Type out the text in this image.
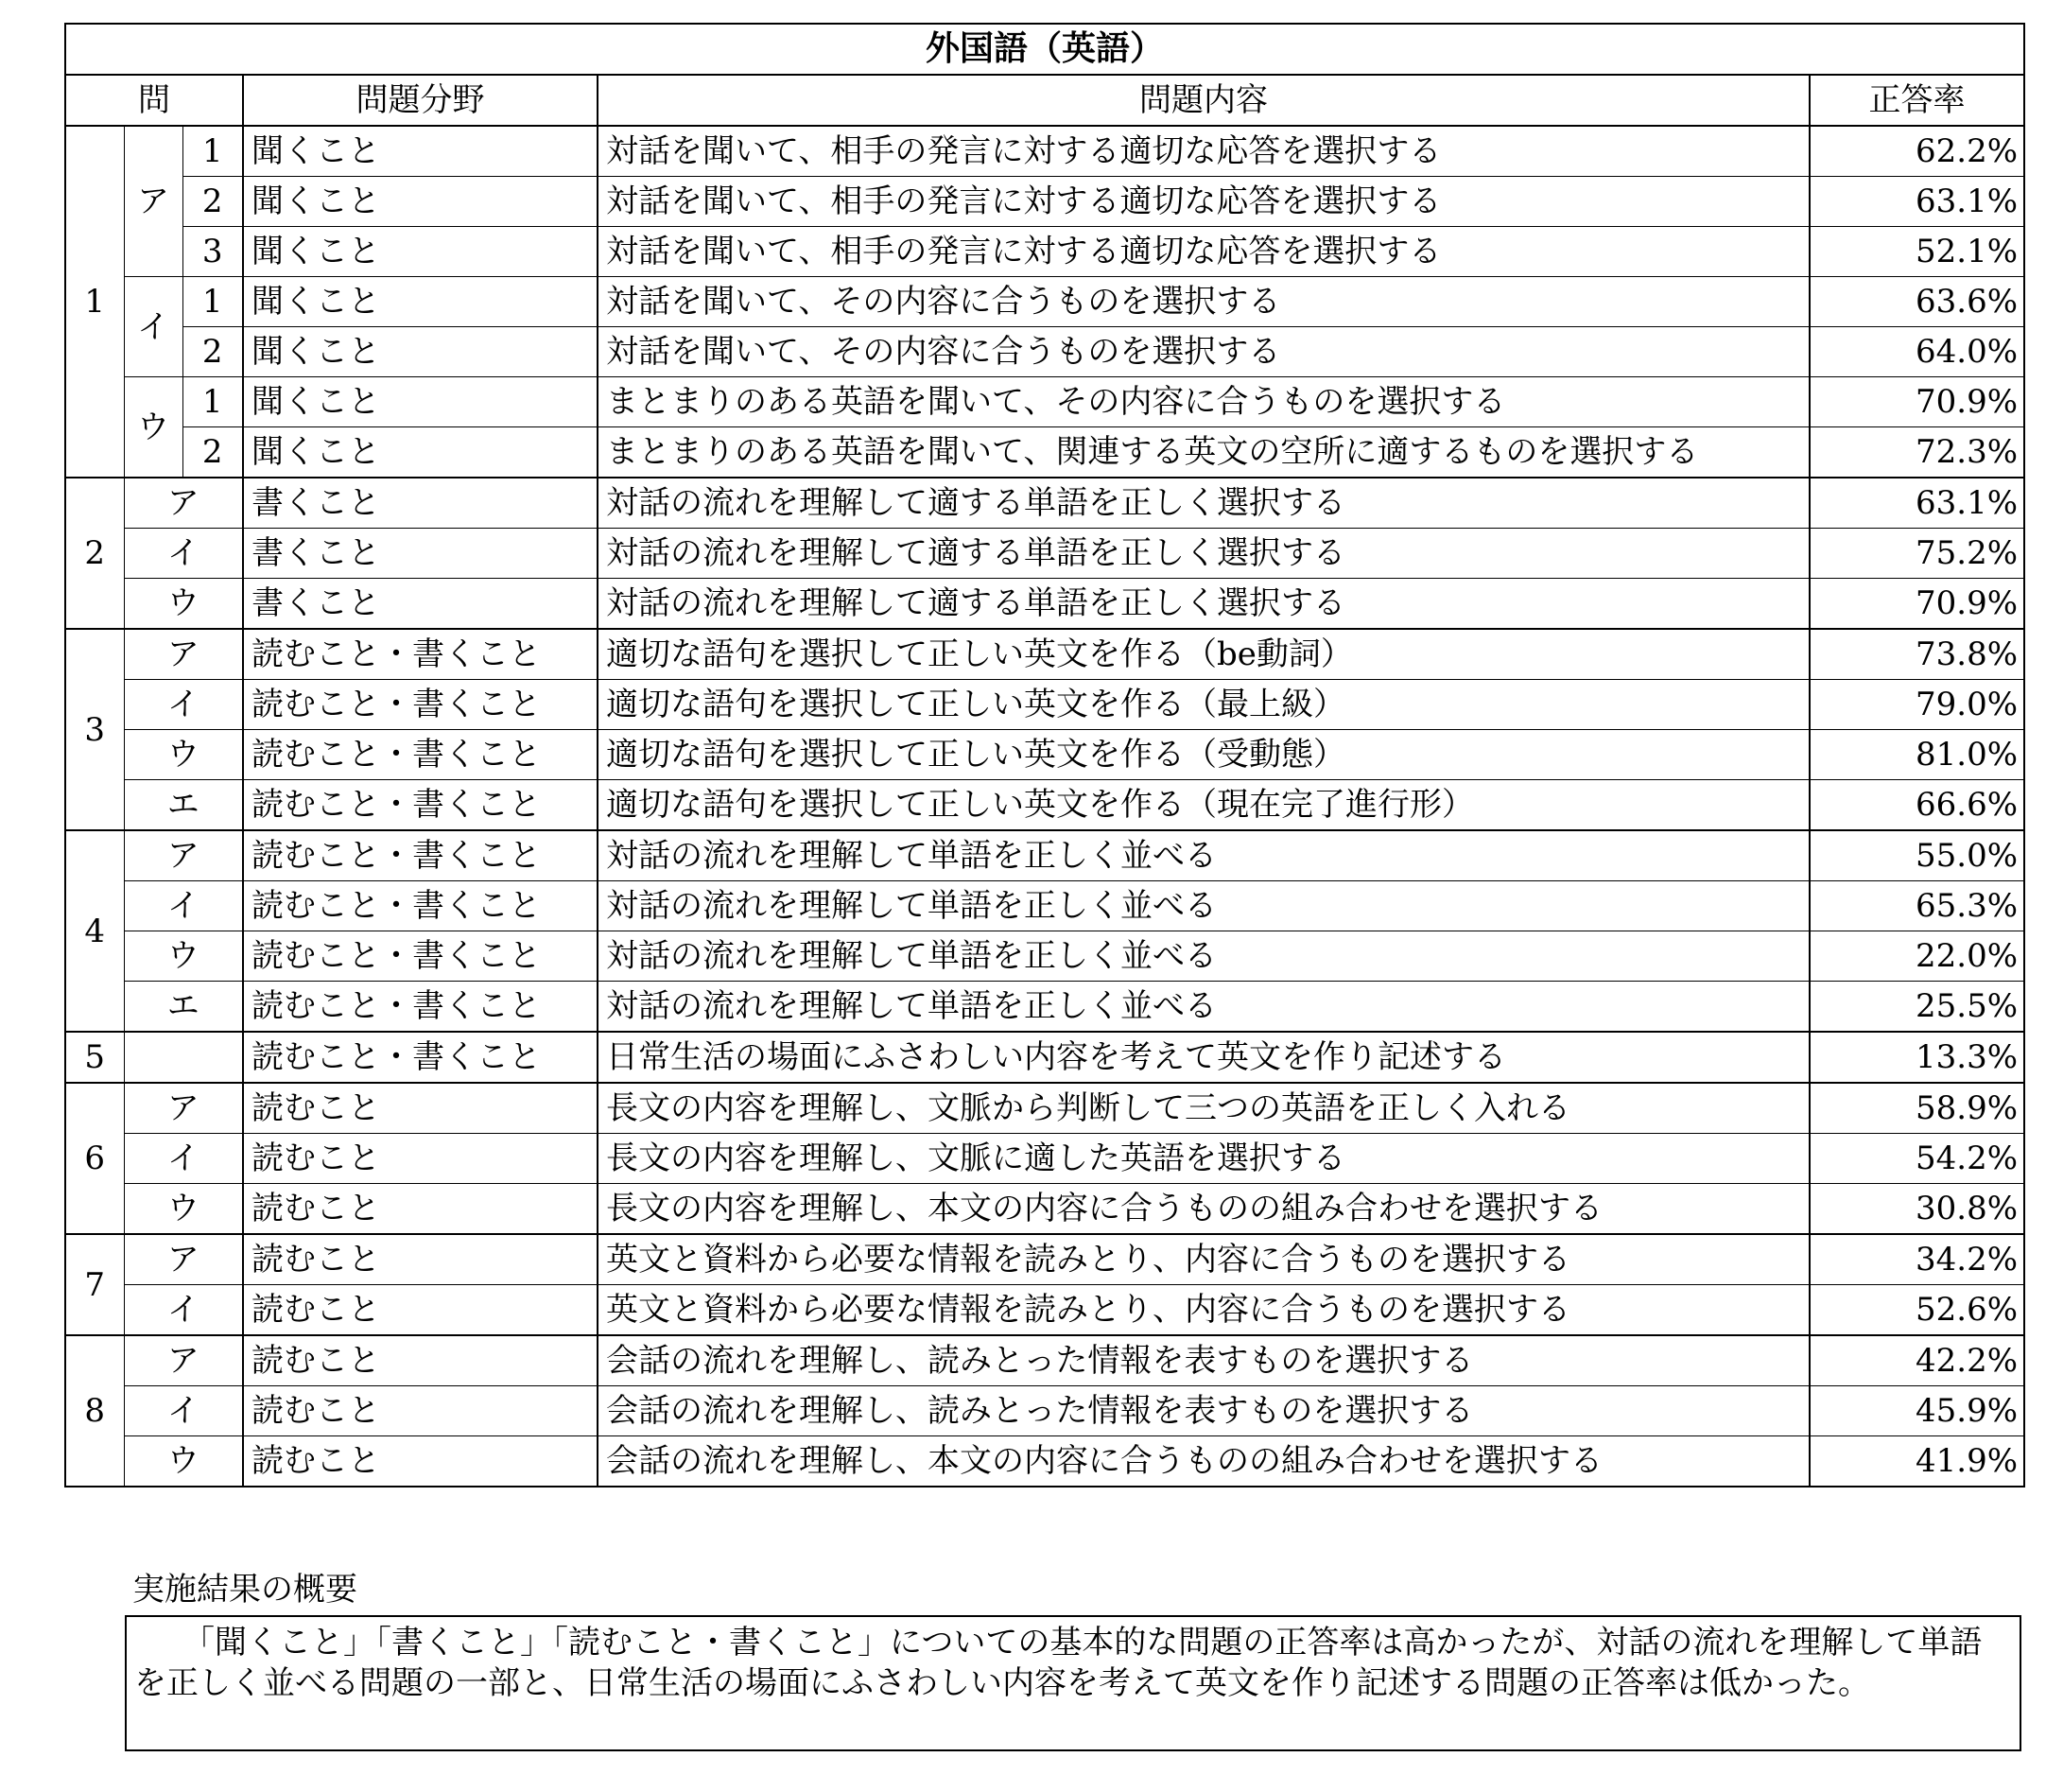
外国語（英語）					
問			問題分野	問題内容	正答率
1	ア	1	聞くこと	対話を聞いて、相手の発言に対する適切な応答を選択する	62.2%
		2	聞くこと	対話を聞いて、相手の発言に対する適切な応答を選択する	63.1%
		3	聞くこと	対話を聞いて、相手の発言に対する適切な応答を選択する	52.1%
	イ	1	聞くこと	対話を聞いて、その内容に合うものを選択する	63.6%
		2	聞くこと	対話を聞いて、その内容に合うものを選択する	64.0%
	ウ	1	聞くこと	まとまりのある英語を聞いて、その内容に合うものを選択する	70.9%
		2	聞くこと	まとまりのある英語を聞いて、関連する英文の空所に適するものを選択する	72.3%
2	ア		書くこと	対話の流れを理解して適する単語を正しく選択する	63.1%
	イ		書くこと	対話の流れを理解して適する単語を正しく選択する	75.2%
	ウ		書くこと	対話の流れを理解して適する単語を正しく選択する	70.9%
3	ア		読むこと・書くこと	適切な語句を選択して正しい英文を作る（be動詞）	73.8%
	イ		読むこと・書くこと	適切な語句を選択して正しい英文を作る（最上級）	79.0%
	ウ		読むこと・書くこと	適切な語句を選択して正しい英文を作る（受動態）	81.0%
	エ		読むこと・書くこと	適切な語句を選択して正しい英文を作る（現在完了進行形）	66.6%
4	ア		読むこと・書くこと	対話の流れを理解して単語を正しく並べる	55.0%
	イ		読むこと・書くこと	対話の流れを理解して単語を正しく並べる	65.3%
	ウ		読むこと・書くこと	対話の流れを理解して単語を正しく並べる	22.0%
	エ		読むこと・書くこと	対話の流れを理解して単語を正しく並べる	25.5%
5			読むこと・書くこと	日常生活の場面にふさわしい内容を考えて英文を作り記述する	13.3%
6	ア		読むこと	長文の内容を理解し、文脈から判断して三つの英語を正しく入れる	58.9%
	イ		読むこと	長文の内容を理解し、文脈に適した英語を選択する	54.2%
	ウ		読むこと	長文の内容を理解し、本文の内容に合うものの組み合わせを選択する	30.8%
7	ア		読むこと	英文と資料から必要な情報を読みとり、内容に合うものを選択する	34.2%
	イ		読むこと	英文と資料から必要な情報を読みとり、内容に合うものを選択する	52.6%
8	ア		読むこと	会話の流れを理解し、読みとった情報を表すものを選択する	42.2%
	イ		読むこと	会話の流れを理解し、読みとった情報を表すものを選択する	45.9%
	ウ		読むこと	会話の流れを理解し、本文の内容に合うものの組み合わせを選択する	41.9%
実施結果の概要
「聞くこと」「書くこと」「読むこと・書くこと」についての基本的な問題の正答率は高かったが、対話の流れを理解して単語を正しく並べる問題の一部と、日常生活の場面にふさわしい内容を考えて英文を作り記述する問題の正答率は低かった。
